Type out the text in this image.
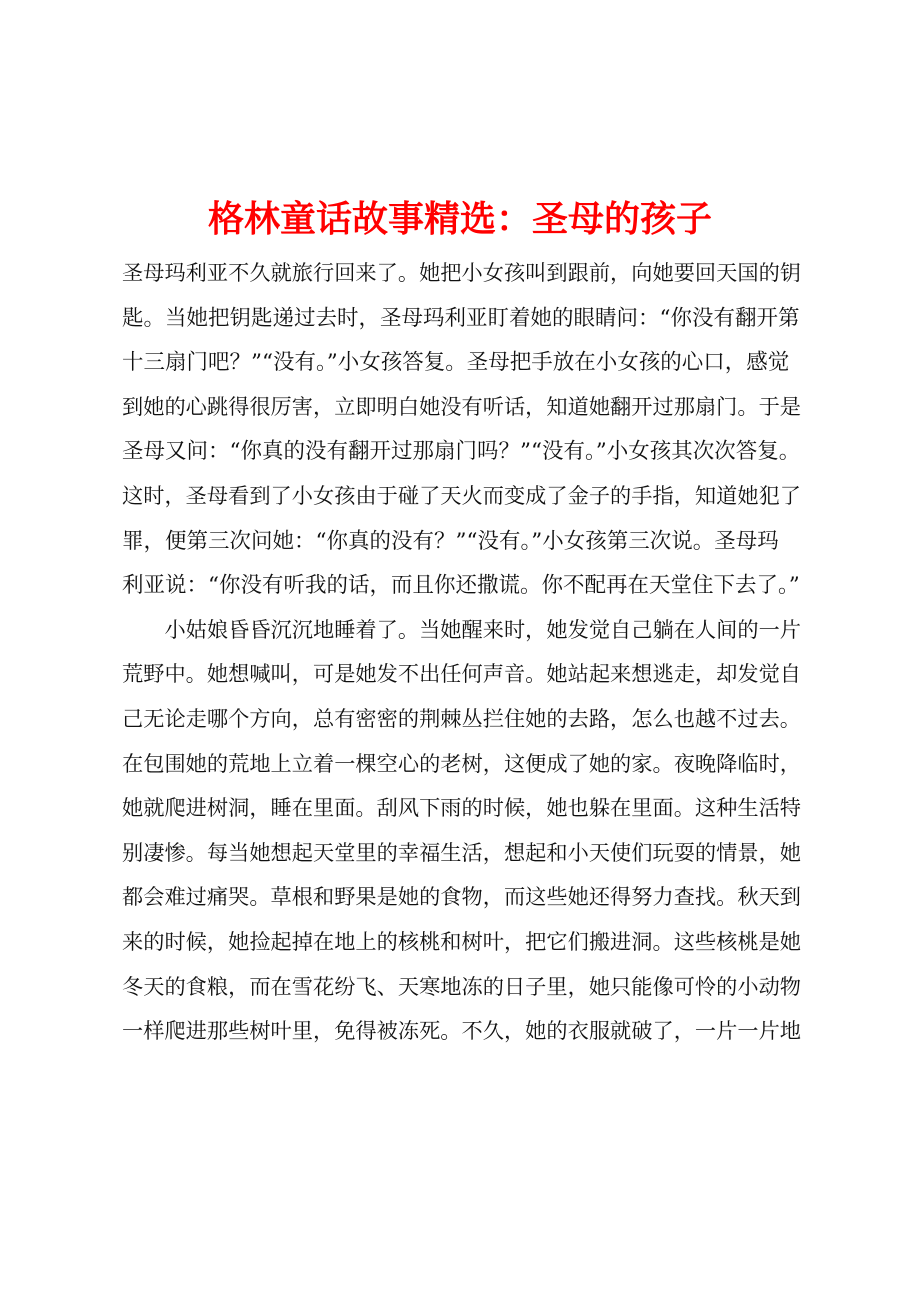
格林童话故事精选：圣母的孩子

圣母玛利亚不久就旅行回来了。她把小女孩叫到跟前，向她要回天国的钥
匙。当她把钥匙递过去时，圣母玛利亚盯着她的眼睛问：“你没有翻开第
十三扇门吧？”“没有。”小女孩答复。圣母把手放在小女孩的心口，感觉
到她的心跳得很厉害，立即明白她没有听话，知道她翻开过那扇门。于是
圣母又问：“你真的没有翻开过那扇门吗？”“没有。”小女孩其次次答复。
这时，圣母看到了小女孩由于碰了天火而变成了金子的手指，知道她犯了
罪，便第三次问她：“你真的没有？”“没有。”小女孩第三次说。圣母玛
利亚说：“你没有听我的话，而且你还撒谎。你不配再在天堂住下去了。”

小姑娘昏昏沉沉地睡着了。当她醒来时，她发觉自己躺在人间的一片
荒野中。她想喊叫，可是她发不出任何声音。她站起来想逃走，却发觉自
己无论走哪个方向，总有密密的荆棘丛拦住她的去路，怎么也越不过去。
在包围她的荒地上立着一棵空心的老树，这便成了她的家。夜晚降临时，
她就爬进树洞，睡在里面。刮风下雨的时候，她也躲在里面。这种生活特
别凄惨。每当她想起天堂里的幸福生活，想起和小天使们玩耍的情景，她
都会难过痛哭。草根和野果是她的食物，而这些她还得努力查找。秋天到
来的时候，她捡起掉在地上的核桃和树叶，把它们搬进洞。这些核桃是她
冬天的食粮，而在雪花纷飞、天寒地冻的日子里，她只能像可怜的小动物
一样爬进那些树叶里，免得被冻死。不久，她的衣服就破了，一片一片地
